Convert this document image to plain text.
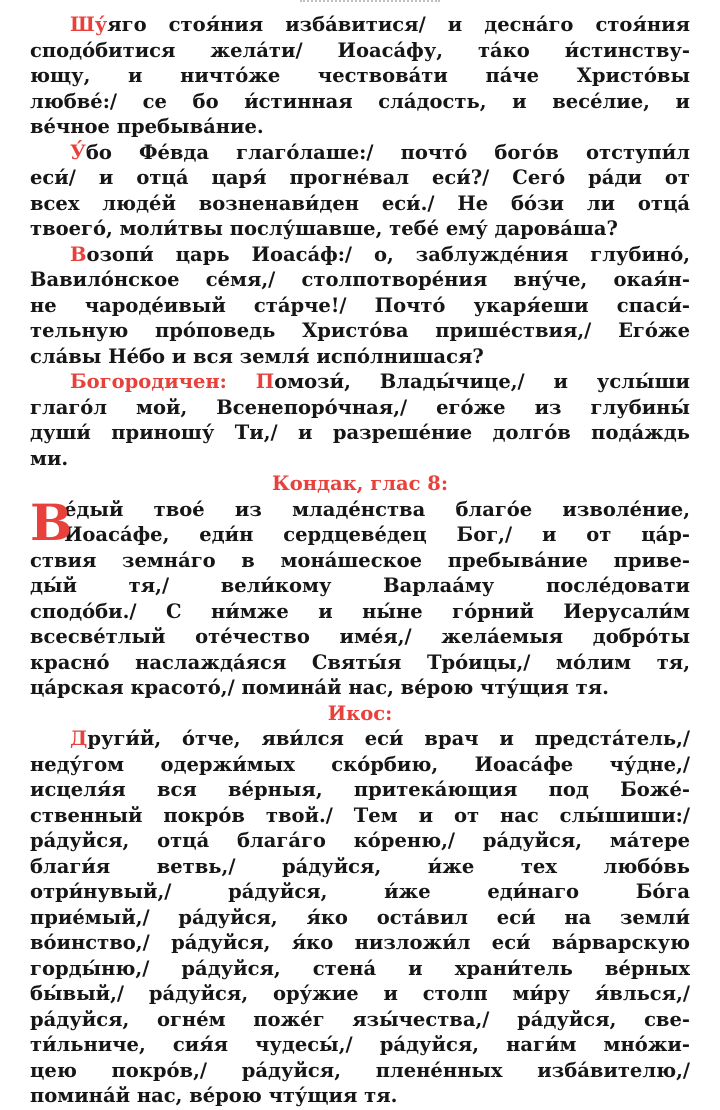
Шу́яго стоя́ния изба́витися/ и десна́го стоя́ния
сподо́битися жела́ти/ Иоаса́фу, та́ко и́стинству-
ющу, и ничто́же чествова́ти па́че Христо́вы
любве́:/ се бо и́стинная сла́дость, и весе́лие, и
ве́чное пребыва́ние.
У́бо Фе́вда глаго́лаше:/ почто́ бого́в отступи́л
еси́/ и отца́ царя́ прогне́вал еси́?/ Сего́ ра́ди от
всех люде́й возненави́ден еси́./ Не бо́зи ли отца́
твоего́, моли́твы послу́шавше, тебе́ ему́ дарова́ша?
Возопи́ царь Иоаса́ф:/ о, заблужде́ния глубино́,
Вавило́нское се́мя,/ столпотворе́ния вну́че, окая́н-
не чароде́ивый ста́рче!/ Почто́ укаря́еши спаси́-
тельную про́поведь Христо́ва прише́ствия,/ Его́же
сла́вы Не́бо и вся земля́ испо́лнишася?
Богородичен: Помози́, Влады́чице,/ и услы́ши
глаго́л мой, Всенепоро́чная,/ его́же из глубины́
души́ приношу́ Ти,/ и разреше́ние долго́в пода́ждь
ми.
Кондак, глас 8:
В
е́дый твое́ из младе́нства благо́е изволе́ние,
Иоаса́фе, еди́н сердцеве́дец Бог,/ и от ца́р-
ствия земна́го в мона́шеское пребыва́ние приве-
ды́й тя,/ вели́кому Варлаа́му после́довати
сподо́би./ С ни́мже и ны́не го́рний Иерусали́м
всесве́тлый оте́чество име́я,/ жела́емыя добро́ты
красно́ наслажда́яся Святы́я Тро́ицы,/ мо́лим тя,
ца́рская красото́,/ помина́й нас, ве́рою чту́щия тя.
Икос:
Други́й, о́тче, яви́лся еси́ врач и предста́тель,/
неду́гом одержи́мых ско́рбию, Иоаса́фе чу́дне,/
исцеля́я вся ве́рныя, притека́ющия под Боже́-
ственный покро́в твой./ Тем и от нас слы́шиши:/
ра́дуйся, отца́ блага́го ко́реню,/ ра́дуйся, ма́тере
благи́я ветвь,/ ра́дуйся, и́же тех любо́вь
отри́нувый,/ ра́дуйся, и́же еди́наго Бо́га
прие́мый,/ ра́дуйся, я́ко оста́вил еси́ на земли́
во́инство,/ ра́дуйся, я́ко низложи́л еси́ ва́рварскую
горды́ню,/ ра́дуйся, стена́ и храни́тель ве́рных
бы́вый,/ ра́дуйся, ору́жие и столп ми́ру я́влься,/
ра́дуйся, огне́м поже́г язы́чества,/ ра́дуйся, све-
ти́льниче, сия́я чудесы́,/ ра́дуйся, наги́м мно́жи-
цею покро́в,/ ра́дуйся, плене́нных изба́вителю,/
помина́й нас, ве́рою чту́щия тя.
